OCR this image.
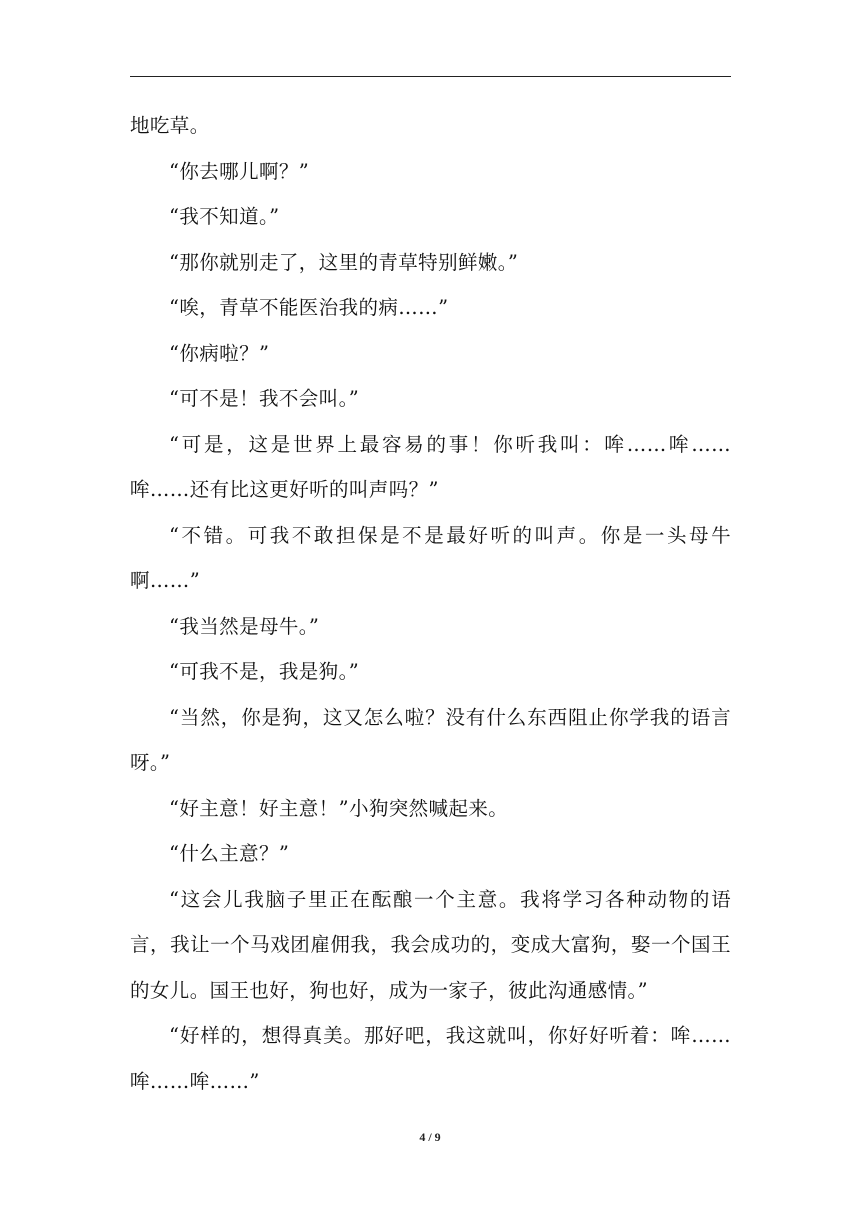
地吃草。

“你去哪儿啊？”

“我不知道。”

“那你就别走了，这里的青草特别鲜嫩。”

“唉，青草不能医治我的病……”

“你病啦？”

“可不是！我不会叫。”

“可是，这是世界上最容易的事！你听我叫：哞……哞……哞……还有比这更好听的叫声吗？”

“不错。可我不敢担保是不是最好听的叫声。你是一头母牛啊……”

“我当然是母牛。”

“可我不是，我是狗。”

“当然，你是狗，这又怎么啦？没有什么东西阻止你学我的语言呀。”

“好主意！好主意！”小狗突然喊起来。

“什么主意？”

“这会儿我脑子里正在酝酿一个主意。我将学习各种动物的语言，我让一个马戏团雇佣我，我会成功的，变成大富狗，娶一个国王的女儿。国王也好，狗也好，成为一家子，彼此沟通感情。”

“好样的，想得真美。那好吧，我这就叫，你好好听着：哞……哞……哞……”

4 / 9
